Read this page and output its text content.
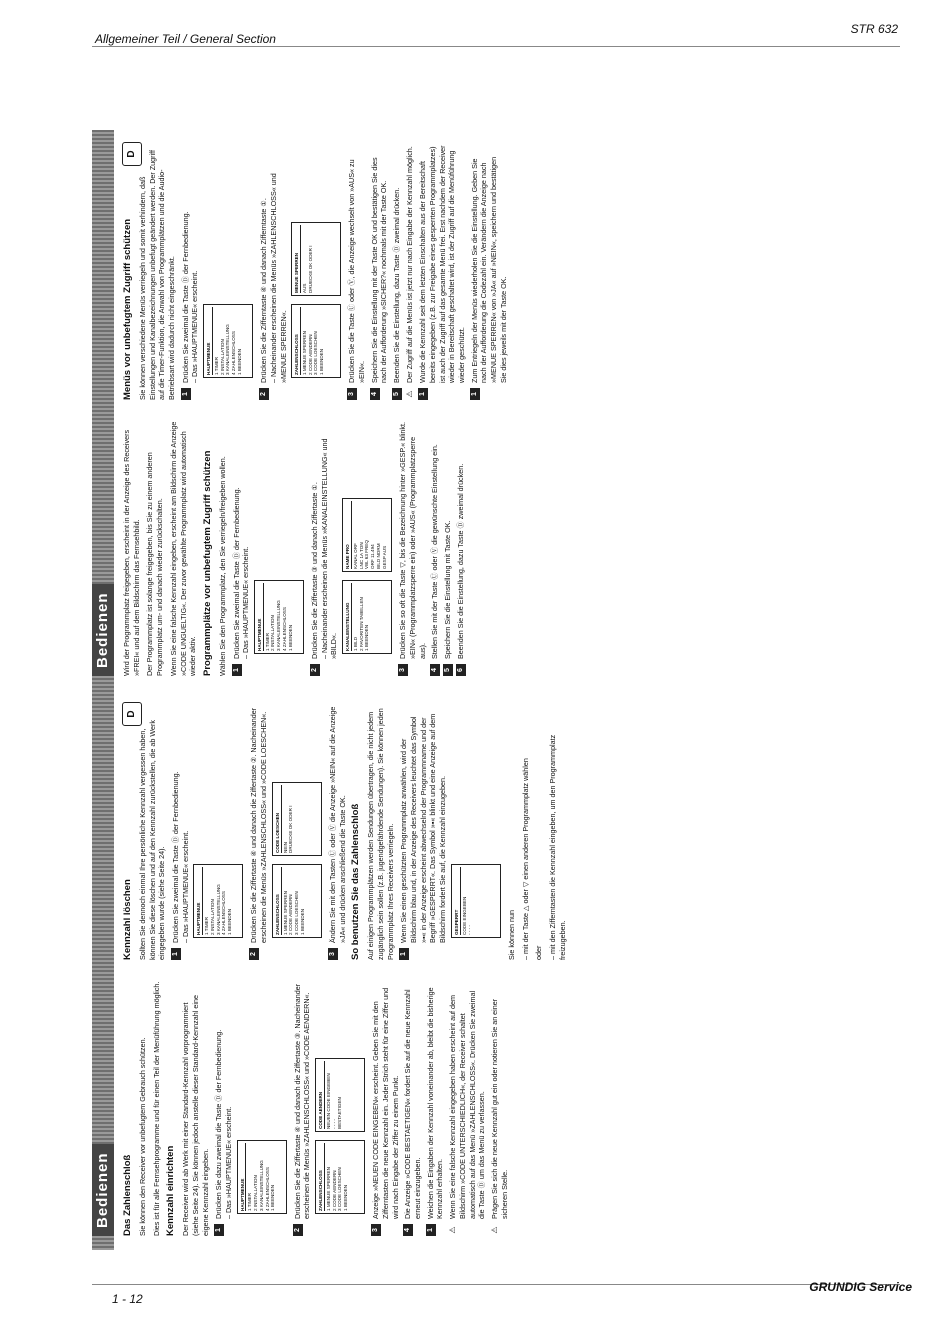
Allgemeiner Teil / General Section
STR 632
Bedienen
D

Wird der Programmplatz freigegeben, erscheint in der Anzeige des Receivers »FREI« und auf dem Bildschirm das Fernsehbild. Der Programmplatz ist solange freigegeben, bis Sie zu einem anderen Programmplatz um- und danach wieder zurückschalten. Wenn Sie eine falsche Kennzahl eingeben, erscheint am Bildschirm die Anzeige »CODE UNGUELTIG«. Der zuvor gewählte Programmplatz wird automatisch wieder aktiv. Programmplätze vor unbefugtem Zugriff schützen Wählen Sie den Programmplatz, den Sie verriegeln/freigeben wollen. 1
Drücken Sie zweimal die Taste Ⓓ der Fernbedienung.
– Das »HAUPTMENUE« erscheint. HAUPTMENUE 1 TIMER 2 INSTALLATION 3 KANALEINSTELLUNG 4 ZAHLENSCHLOSS 1 BEENDEN
2
Drücken Sie die Ziffertaste ③ und danach Ziffertaste ①.
– Nacheinander erscheinen die Menüs »KANALEINSTELLUNG« und »BILD«. KANALEINSTELLUNG 1 BILD 2 FAVORITEN TABELLEN 1 BEENDEN
NAME PRO KANAL ORF LNC 1A TON VBL 63 FREQ ORF 11.494 BILD NORM GESP AUS
3
Drücken Sie so oft die Taste ▽, bis die Bezeichnung hinter »GESP.« blinkt.
»EIN« (Programmplatzsperre ein) oder »AUS« (Programmplatzsperre aus).
4
Stellen Sie mit der Taste Ⓤ oder Ⓥ die gewünschte Einstellung ein.
5
Speichern Sie die Einstellung mit Taste OK.
6
Beenden Sie die Einstellung, dazu Taste Ⓓ zweimal drücken.
Menüs vor unbefugtem Zugriff schützen Sie können verschiedene Menüs verriegeln und somit verhindern, daß Einstellungen und Kanalbezeichnungen unbefugt geändert werden. Der Zugriff auf die Timer-Funktion, die Anwahl von Programmplätzen und die Audio-Betriebsart wird dadurch nicht eingeschränkt. 1
Drücken Sie zweimal die Taste Ⓓ der Fernbedienung.
– Das »HAUPTMENUE« erscheint. HAUPTMENUE 1 TIMER 2 INSTALLATION 3 KANALEINSTELLUNG 4 ZAHLENSCHLOSS 1 BEENDEN
2
Drücken Sie die Zifferntaste ④ und danach Zifferntaste ①.
– Nacheinander erscheinen die Menüs »ZAHLENSCHLOSS« und »MENUE SPERREN«. ZAHLENSCHLOSS 1 MENUE SPERREN 2 CODE AENDERN 3 CODE LOESCHEN 1 BEENDEN
MENUE SPERREN AUS DRUECKE OK ODER I
3
Drücken Sie die Taste Ⓤ oder Ⓥ, die Anzeige wechselt von »AUS« zu »EIN«.
4
Speichern Sie die Einstellung mit der Taste OK und bestätigen Sie dies nach der Aufforderung »SICHER?« nochmals mit der Taste OK.
5
Beenden Sie die Einstellung, dazu Taste Ⓓ zweimal drücken.
⚠
Der Zugriff auf die Menüs ist jetzt nur nach Eingabe der Kennzahl möglich.
1
Wurde die Kennzahl seit dem letzten Einschalten aus der Bereitschaft bereits eingegeben (z.B. zur Freigabe eines gesperrten Programmplatzes) ist auch der Zugriff auf das gesamte Menü frei. Erst nachdem der Receiver wieder in Bereitschaft geschaltet wird, ist der Zugriff auf die Menüführung wieder geschützt.
1
Zum Entriegeln der Menüs wiederholen Sie die Einstellung. Geben Sie nach der Aufforderung die Codezahl ein. Verändern die Anzeige nach »MENUE SPERREN« von »JA« auf »NEIN«, speichern und bestätigen Sie dies jeweils mit der Taste OK.
Bedienen
D
Das Zahlenschloß Sie können den Receiver vor unbefugtem Gebrauch schützen. Dies ist für alle Fernsehprogramme und für einen Teil der Menüführung möglich. Kennzahl einrichten Der Receiver wird ab Werk mit einer Standard-Kennzahl vorprogrammiert (siehe Seite 24). Sie können jedoch anstelle dieser Standard-Kennzahl eine eigene Kennzahl eingeben. 1
Drücken Sie dazu zweimal die Taste Ⓓ der Fernbedienung.
– Das »HAUPTMENUE« erscheint. HAUPTMENUE 1 TIMER 2 INSTALLATION 3 KANALEINSTELLUNG 4 ZAHLENSCHLOSS 1 BEENDEN
2
Drücken Sie die Ziffertaste ④ und danach die Ziffertaste ③. Nacheinander erscheinen die Menüs »ZAHLENSCHLOSS« und »CODE AENDERN«. ZAHLENSCHLOSS 1 MENUE SPERREN 2 CODE AENDERN 3 CODE LOESCHEN 1 BEENDEN
CODE AENDERN NEUEN CODE EINGEBEN - - - - BESTAETIGEN
3
Anzeige »NEUEN CODE EINGEBEN« erscheint. Geben Sie mit den Zifferntasten die neue Kennzahl ein. Jeder Strich steht für eine Ziffer und wird nach Eingabe der Ziffer zu einem Punkt.
4
Die Anzeige »CODE BESTAETIGEN« fordert Sie auf die neue Kennzahl erneut einzugeben.
1
Weichen die Eingaben der Kennzahl voneinander ab, bleibt die bisherige Kennzahl erhalten.
⚠
Wenn Sie eine falsche Kennzahl eingegeben haben erscheint auf dem Bildschirm »CODE UNTERSCHIEDLICH«, der Receiver schaltet automatisch auf das Menü »ZAHLENSCHLOSS«. Drücken Sie zweimal die Taste Ⓓ um das Menü zu verlassen.
⚠
Prägen Sie sich die neue Kennzahl gut ein oder notieren Sie an einer sicheren Stelle.
Kennzahl löschen Sollten Sie dennoch einmal Ihre persönliche Kennzahl vergessen haben, können Sie diese löschen und auf den Kennzahl zurückstellen, die ab Werk eingegeben wurde (siehe Seite 24). 1
Drücken Sie zweimal die Taste Ⓓ der Fernbedienung.
– Das »HAUPTMENUE« erscheint. HAUPTMENUE 1 TIMER 2 INSTALLATION 3 KANALEINSTELLUNG 4 ZAHLENSCHLOSS 1 BEENDEN
2
Drücken Sie die Ziffertaste ④ und danach die Ziffertaste ②. Nacheinander erscheinen die Menüs »ZAHLENSCHLOSS« und »CODE LOESCHEN«. ZAHLENSCHLOSS 1 MENUE SPERREN 2 CODE AENDERN 3 CODE LOESCHEN 1 BEENDEN
CODE LOESCHEN NEIN DRUECKE OK ODER I
3
Ändern Sie mit den Tasten Ⓤ oder Ⓥ die Anzeige »NEIN« auf die Anzeige »JA« und drücken anschließend die Taste OK. So benutzen Sie das Zahlenschloß Auf einigen Programmplätzen werden Sendungen übertragen, die nicht jedem zugänglich sein sollen (z.B. jugendgefährdende Sendungen). Sie können jeden Programmplatz Ihres Receivers verriegeln. 1
Wenn Sie einen geschützten Programmplatz anwählen, wird der Bildschirm blau und, in der Anzeige des Receivers leuchtet das Symbol »▪« in der Anzeige erscheint abwechselnd der Programmname und der Begriff »GESPERRT«. Das Symbol »▪« blinkt und eine Anzeige auf dem Bildschirm fordert Sie auf, die Kennzahl einzugeben. GESPERRT CODE EINGEBEN - - - -	Sie können nun – mit der Taste △ oder ▽ einen anderen Programmplatz wählen oder – mit den Zifferntasten die Kennzahl eingeben, um den Programmplatz freizugeben.

1 - 12
GRUNDIG Service
